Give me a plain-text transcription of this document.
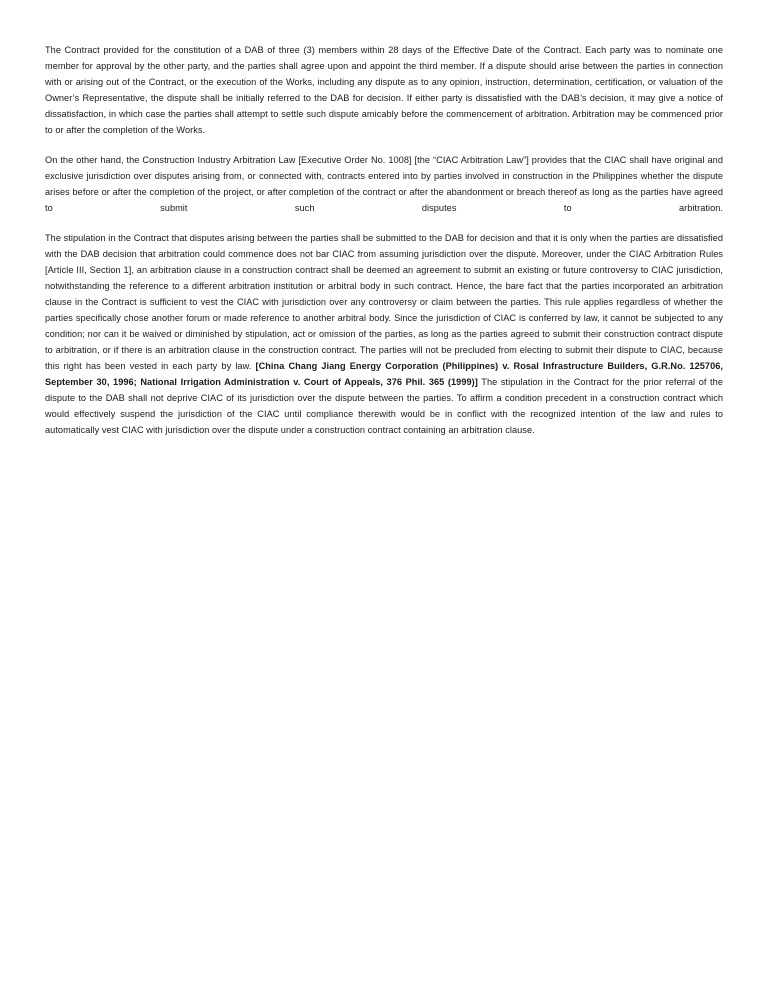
The Contract provided for the constitution of a DAB of three (3) members within 28 days of the Effective Date of the Contract. Each party was to nominate one member for approval by the other party, and the parties shall agree upon and appoint the third member. If a dispute should arise between the parties in connection with or arising out of the Contract, or the execution of the Works, including any dispute as to any opinion, instruction, determination, certification, or valuation of the Owner’s Representative, the dispute shall be initially referred to the DAB for decision. If either party is dissatisfied with the DAB’s decision, it may give a notice of dissatisfaction, in which case the parties shall attempt to settle such dispute amicably before the commencement of arbitration. Arbitration may be commenced prior to or after the completion of the Works.

On the other hand, the Construction Industry Arbitration Law [Executive Order No. 1008] [the “CIAC Arbitration Law”] provides that the CIAC shall have original and exclusive jurisdiction over disputes arising from, or connected with, contracts entered into by parties involved in construction in the Philippines whether the dispute arises before or after the completion of the project, or after completion of the contract or after the abandonment or breach thereof as long as the parties have agreed to submit such disputes to arbitration.

The stipulation in the Contract that disputes arising between the parties shall be submitted to the DAB for decision and that it is only when the parties are dissatisfied with the DAB decision that arbitration could commence does not bar CIAC from assuming jurisdiction over the dispute. Moreover, under the CIAC Arbitration Rules [Article III, Section 1], an arbitration clause in a construction contract shall be deemed an agreement to submit an existing or future controversy to CIAC jurisdiction, notwithstanding the reference to a different arbitration institution or arbitral body in such contract. Hence, the bare fact that the parties incorporated an arbitration clause in the Contract is sufficient to vest the CIAC with jurisdiction over any controversy or claim between the parties. This rule applies regardless of whether the parties specifically chose another forum or made reference to another arbitral body. Since the jurisdiction of CIAC is conferred by law, it cannot be subjected to any condition; nor can it be waived or diminished by stipulation, act or omission of the parties, as long as the parties agreed to submit their construction contract dispute to arbitration, or if there is an arbitration clause in the construction contract. The parties will not be precluded from electing to submit their dispute to CIAC, because this right has been vested in each party by law. [China Chang Jiang Energy Corporation (Philippines) v. Rosal Infrastructure Builders, G.R.No. 125706, September 30, 1996; National Irrigation Administration v. Court of Appeals, 376 Phil. 365 (1999)] The stipulation in the Contract for the prior referral of the dispute to the DAB shall not deprive CIAC of its jurisdiction over the dispute between the parties. To affirm a condition precedent in a construction contract which would effectively suspend the jurisdiction of the CIAC until compliance therewith would be in conflict with the recognized intention of the law and rules to automatically vest CIAC with jurisdiction over the dispute under a construction contract containing an arbitration clause.
